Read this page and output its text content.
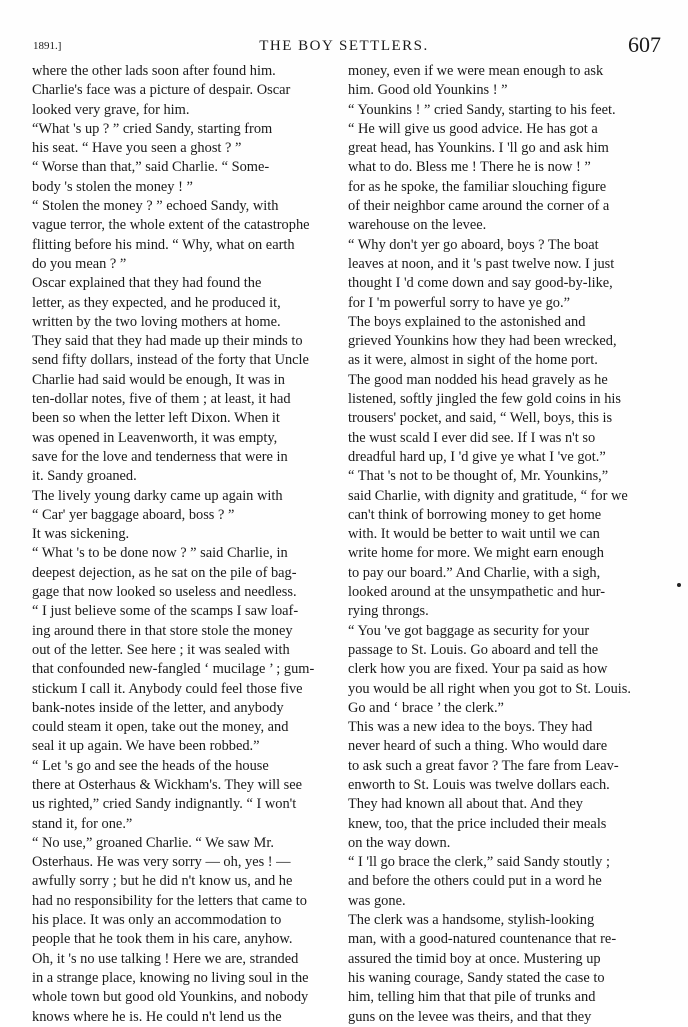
1891.]	THE BOY SETTLERS.	607

where the other lads soon after found him.

Charlie's face was a picture of despair. Oscar

looked very grave, for him.

“What 's up ? ” cried Sandy, starting from

his seat. “ Have you seen a ghost ? ”

“ Worse than that,” said Charlie. “ Some-

body 's stolen the money ! ”

“ Stolen the money ? ” echoed Sandy, with

vague terror, the whole extent of the catastrophe

flitting before his mind. “ Why, what on earth

do you mean ? ”

Oscar explained that they had found the

letter, as they expected, and he produced it,

written by the two loving mothers at home.

They said that they had made up their minds to

send fifty dollars, instead of the forty that Uncle

Charlie had said would be enough, It was in

ten-dollar notes, five of them ; at least, it had

been so when the letter left Dixon. When it

was opened in Leavenworth, it was empty,

save for the love and tenderness that were in

it. Sandy groaned.

The lively young darky came up again with

“ Car' yer baggage aboard, boss ? ”

It was sickening.

“ What 's to be done now ? ” said Charlie, in

deepest dejection, as he sat on the pile of bag-

gage that now looked so useless and needless.

“ I just believe some of the scamps I saw loaf-

ing around there in that store stole the money

out of the letter. See here ; it was sealed with

that confounded new-fangled ‘ mucilage ’ ; gum-

stickum I call it. Anybody could feel those five

bank-notes inside of the letter, and anybody

could steam it open, take out the money, and

seal it up again. We have been robbed.”

“ Let 's go and see the heads of the house

there at Osterhaus & Wickham's. They will see

us righted,” cried Sandy indignantly. “ I won't

stand it, for one.”

“ No use,” groaned Charlie. “ We saw Mr.

Osterhaus. He was very sorry — oh, yes ! —

awfully sorry ; but he did n't know us, and he

had no responsibility for the letters that came to

his place. It was only an accommodation to

people that he took them in his care, anyhow.

Oh, it 's no use talking ! Here we are, stranded

in a strange place, knowing no living soul in the

whole town but good old Younkins, and nobody

knows where he is. He could n't lend us the

money, even if we were mean enough to ask

him. Good old Younkins ! ”

“ Younkins ! ” cried Sandy, starting to his feet.

“ He will give us good advice. He has got a

great head, has Younkins. I 'll go and ask him

what to do. Bless me ! There he is now ! ”

for as he spoke, the familiar slouching figure

of their neighbor came around the corner of a

warehouse on the levee.

“ Why don't yer go aboard, boys ? The boat

leaves at noon, and it 's past twelve now. I just

thought I 'd come down and say good-by-like,

for I 'm powerful sorry to have ye go.”

The boys explained to the astonished and

grieved Younkins how they had been wrecked,

as it were, almost in sight of the home port.

The good man nodded his head gravely as he

listened, softly jingled the few gold coins in his

trousers' pocket, and said, “ Well, boys, this is

the wust scald I ever did see. If I was n't so

dreadful hard up, I 'd give ye what I 've got.”

“ That 's not to be thought of, Mr. Younkins,”

said Charlie, with dignity and gratitude, “ for we

can't think of borrowing money to get home

with. It would be better to wait until we can

write home for more. We might earn enough

to pay our board.” And Charlie, with a sigh,

looked around at the unsympathetic and hur-

rying throngs.

“ You 've got baggage as security for your

passage to St. Louis. Go aboard and tell the

clerk how you are fixed. Your pa said as how

you would be all right when you got to St. Louis.

Go and ‘ brace ’ the clerk.”

This was a new idea to the boys. They had

never heard of such a thing. Who would dare

to ask such a great favor ? The fare from Leav-

enworth to St. Louis was twelve dollars each.

They had known all about that. And they

knew, too, that the price included their meals

on the way down.

“ I 'll go brace the clerk,” said Sandy stoutly ;

and before the others could put in a word he

was gone.

The clerk was a handsome, stylish-looking

man, with a good-natured countenance that re-

assured the timid boy at once. Mustering up

his waning courage, Sandy stated the case to

him, telling him that that pile of trunks and

guns on the levee was theirs, and that they
